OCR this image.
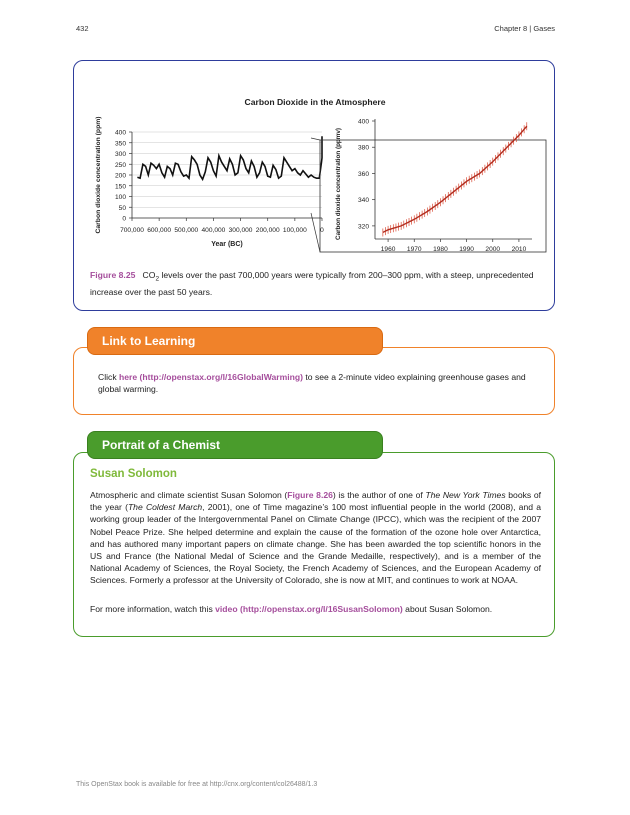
432	Chapter 8 | Gases
Carbon Dioxide in the Atmosphere
400
350
300
250
200
150
100
50
0
700,000 600,000 500,000 400,000 300,000 200,000 100,000 0
Year (BC)
Carbon dioxide concentration (ppm)	400
380
360
340
320
1960 1970 1980 1990 2000 2010
Carbon dioxide concentration (ppmv)
Figure 8.25 $CO_2$ levels over the past 700,000 years were typically from 200–300 ppm, with a steep, unprecedented increase over the past 50 years.
Click here (http://openstax.org/l/16GlobalWarming) to see a 2-minute video explaining greenhouse gases and global warming.
Link to Learning
Susan Solomon
Atmospheric and climate scientist Susan Solomon (Figure 8.26) is the author of one of The New York Times books of the year (The Coldest March, 2001), one of Time magazine’s 100 most influential people in the world (2008), and a working group leader of the Intergovernmental Panel on Climate Change (IPCC), which was the recipient of the 2007 Nobel Peace Prize. She helped determine and explain the cause of the formation of the ozone hole over Antarctica, and has authored many important papers on climate change. She has been awarded the top scientific honors in the US and France (the National Medal of Science and the Grande Medaille, respectively), and is a member of the National Academy of Sciences, the Royal Society, the French Academy of Sciences, and the European Academy of Sciences. Formerly a professor at the University of Colorado, she is now at MIT, and continues to work at NOAA.
For more information, watch this video (http://openstax.org/l/16SusanSolomon) about Susan Solomon.
Portrait of a Chemist
This OpenStax book is available for free at http://cnx.org/content/col26488/1.3
